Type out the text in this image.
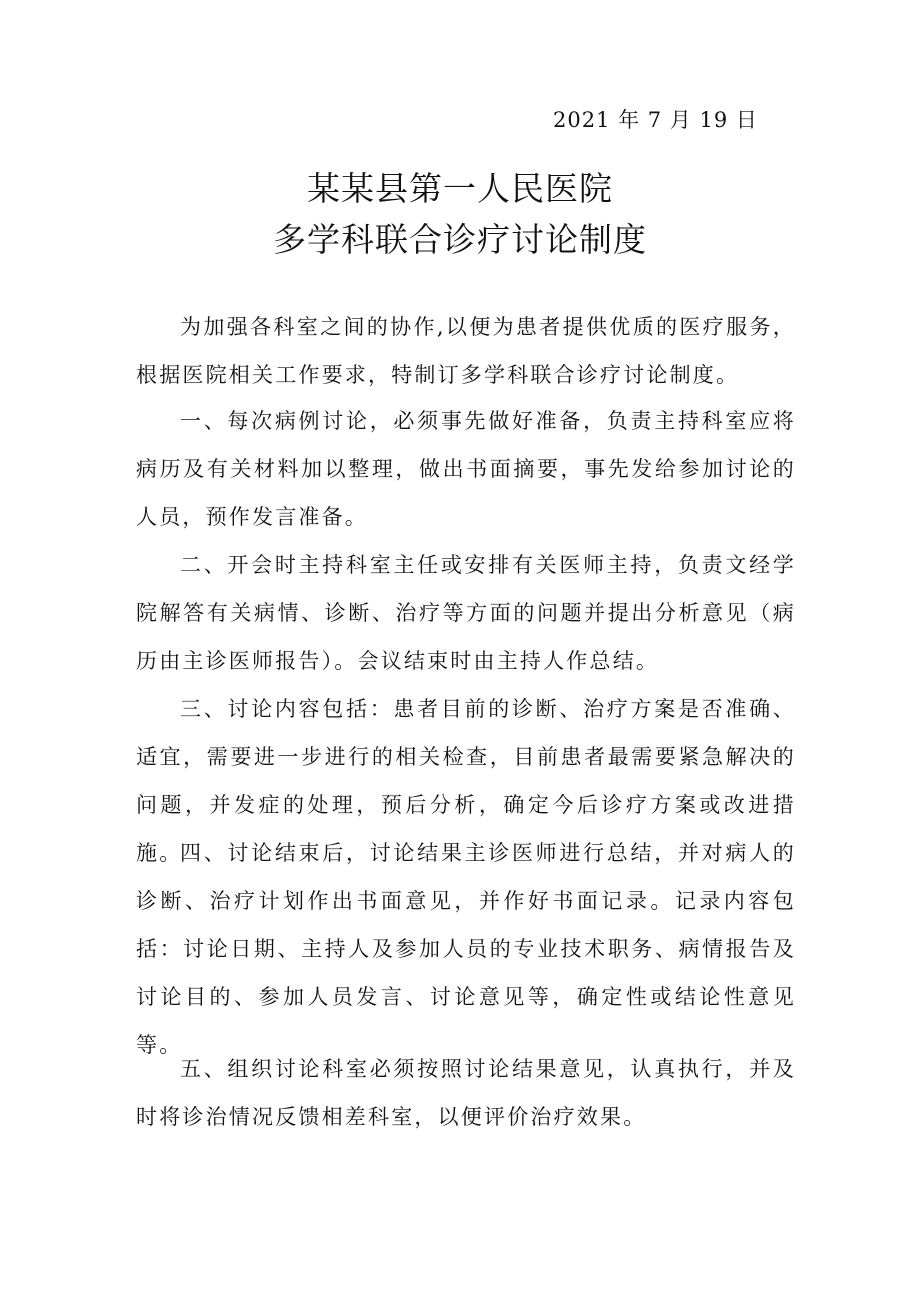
2021 年 7 月 19 日
某某县第一人民医院
多学科联合诊疗讨论制度

为加强各科室之间的协作,以便为患者提供优质的医疗服务，根据医院相关工作要求，特制订多学科联合诊疗讨论制度。

一、每次病例讨论，必须事先做好准备，负责主持科室应将病历及有关材料加以整理，做出书面摘要，事先发给参加讨论的人员，预作发言准备。

二、开会时主持科室主任或安排有关医师主持，负责文经学院解答有关病情、诊断、治疗等方面的问题并提出分析意见（病历由主诊医师报告）。会议结束时由主持人作总结。

三、讨论内容包括：患者目前的诊断、治疗方案是否准确、适宜，需要进一步进行的相关检查，目前患者最需要紧急解决的问题，并发症的处理，预后分析，确定今后诊疗方案或改进措施。

四、讨论结束后，讨论结果主诊医师进行总结，并对病人的诊断、治疗计划作出书面意见，并作好书面记录。记录内容包括：讨论日期、主持人及参加人员的专业技术职务、病情报告及讨论目的、参加人员发言、讨论意见等，确定性或结论性意见等。

五、组织讨论科室必须按照讨论结果意见，认真执行，并及时将诊治情况反馈相差科室，以便评价治疗效果。
